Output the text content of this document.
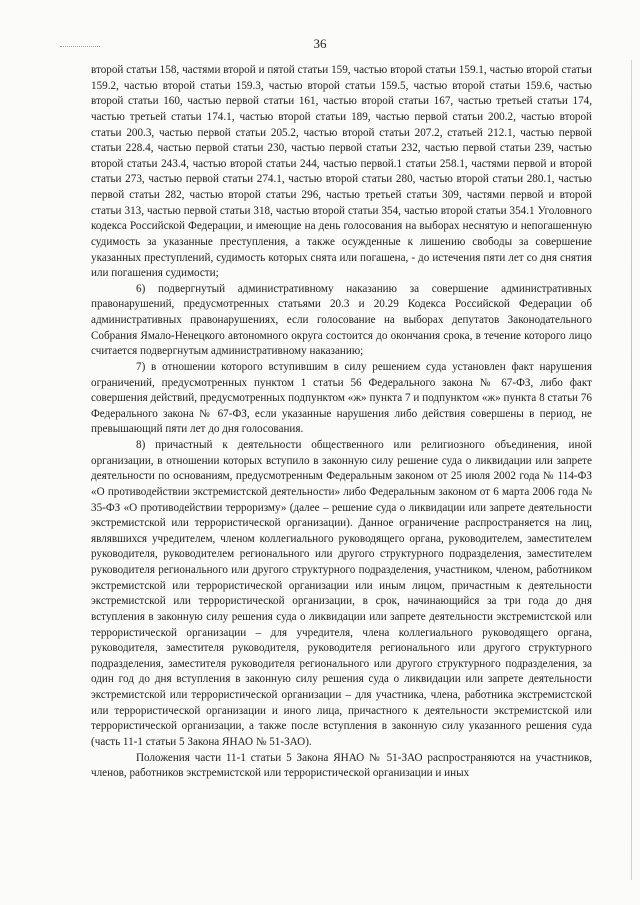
36

второй статьи 158, частями второй и пятой статьи 159, частью второй статьи 159.1, частью второй статьи 159.2, частью второй статьи 159.3, частью второй статьи 159.5, частью второй статьи 159.6, частью второй статьи 160, частью первой статьи 161, частью второй статьи 167, частью третьей статьи 174, частью третьей статьи 174.1, частью второй статьи 189, частью первой статьи 200.2, частью второй статьи 200.3, частью первой статьи 205.2, частью второй статьи 207.2, статьей 212.1, частью первой статьи 228.4, частью первой статьи 230, частью первой статьи 232, частью первой статьи 239, частью второй статьи 243.4, частью второй статьи 244, частью первой.1 статьи 258.1, частями первой и второй статьи 273, частью первой статьи 274.1, частью второй статьи 280, частью второй статьи 280.1, частью первой статьи 282, частью второй статьи 296, частью третьей статьи 309, частями первой и второй статьи 313, частью первой статьи 318, частью второй статьи 354, частью второй статьи 354.1 Уголовного кодекса Российской Федерации, и имеющие на день голосования на выборах неснятую и непогашенную судимость за указанные преступления, а также осужденные к лишению свободы за совершение указанных преступлений, судимость которых снята или погашена, - до истечения пяти лет со дня снятия или погашения судимости;

6) подвергнутый административному наказанию за совершение административных правонарушений, предусмотренных статьями 20.3 и 20.29 Кодекса Российской Федерации об административных правонарушениях, если голосование на выборах депутатов Законодательного Собрания Ямало-Ненецкого автономного округа состоится до окончания срока, в течение которого лицо считается подвергнутым административному наказанию;

7) в отношении которого вступившим в силу решением суда установлен факт нарушения ограничений, предусмотренных пунктом 1 статьи 56 Федерального закона № 67-ФЗ, либо факт совершения действий, предусмотренных подпунктом «ж» пункта 7 и подпунктом «ж» пункта 8 статьи 76 Федерального закона № 67-ФЗ, если указанные нарушения либо действия совершены в период, не превышающий пяти лет до дня голосования.

8) причастный к деятельности общественного или религиозного объединения, иной организации, в отношении которых вступило в законную силу решение суда о ликвидации или запрете деятельности по основаниям, предусмотренным Федеральным законом от 25 июля 2002 года № 114-ФЗ «О противодействии экстремистской деятельности» либо Федеральным законом от 6 марта 2006 года № 35-ФЗ «О противодействии терроризму» (далее – решение суда о ликвидации или запрете деятельности экстремистской или террористической организации). Данное ограничение распространяется на лиц, являвшихся учредителем, членом коллегиального руководящего органа, руководителем, заместителем руководителя, руководителем регионального или другого структурного подразделения, заместителем руководителя регионального или другого структурного подразделения, участником, членом, работником экстремистской или террористической организации или иным лицом, причастным к деятельности экстремистской или террористической организации, в срок, начинающийся за три года до дня вступления в законную силу решения суда о ликвидации или запрете деятельности экстремистской или террористической организации – для учредителя, члена коллегиального руководящего органа, руководителя, заместителя руководителя, руководителя регионального или другого структурного подразделения, заместителя руководителя регионального или другого структурного подразделения, за один год до дня вступления в законную силу решения суда о ликвидации или запрете деятельности экстремистской или террористической организации – для участника, члена, работника экстремистской или террористической организации и иного лица, причастного к деятельности экстремистской или террористической организации, а также после вступления в законную силу указанного решения суда (часть 11-1 статьи 5 Закона ЯНАО № 51-ЗАО).

Положения части 11-1 статьи 5 Закона ЯНАО № 51-ЗАО распространяются на участников, членов, работников экстремистской или террористической организации и иных
